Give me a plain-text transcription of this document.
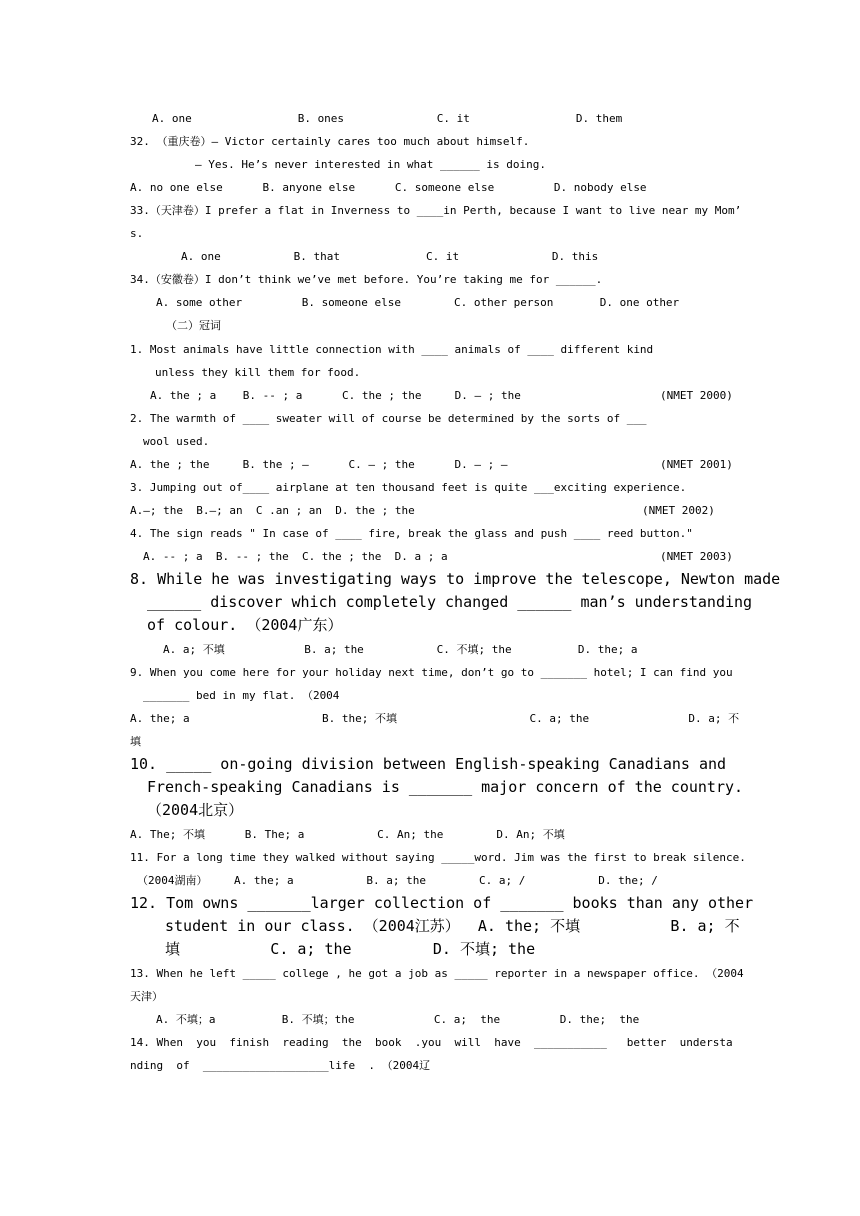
A. one                B. ones              C. it                D. them
32. （重庆卷）— Victor certainly cares too much about himself.
— Yes. He’s never interested in what ______ is doing.
A. no one else      B. anyone else      C. someone else         D. nobody else
33.（天津卷）I prefer a flat in Inverness to ____in Perth, because I want to live near my Mom’
s.
A. one           B. that             C. it              D. this
34.（安徽卷）I don’t think we’ve met before. You’re taking me for ______.
A. some other         B. someone else        C. other person       D. one other
（二）冠词
1. Most animals have little connection with ____ animals of ____ different kind
unless they kill them for food.
A. the ; a    B. -- ; a      C. the ; the     D. — ; the	(NMET 2000)
2. The warmth of ____ sweater will of course be determined by the sorts of ___
wool used.
A. the ; the     B. the ; —      C. — ; the      D. — ; —	(NMET 2001)
3. Jumping out of____ airplane at ten thousand feet is quite ___exciting experience.
A.—; the  B.—; an  C .an ; an  D. the ; the	(NMET 2002)
4. The sign reads " In case of ____ fire, break the glass and push ____ reed button."
A. -- ; a  B. -- ; the  C. the ; the  D. a ; a	(NMET 2003)
8. While he was investigating ways to improve the telescope, Newton made
______ discover which completely changed ______ man’s understanding
of colour. （2004广东）
A. a; 不填            B. a; the           C. 不填; the          D. the; a
9. When you come here for your holiday next time, don’t go to _______ hotel; I can find you
_______ bed in my flat. （2004
A. the; a                    B. the; 不填                    C. a; the               D. a; 不
填
10. _____ on-going division between English-speaking Canadians and
French-speaking Canadians is _______ major concern of the country.
（2004北京）
A. The; 不填      B. The; a           C. An; the        D. An; 不填
11. For a long time they walked without saying _____word. Jim was the first to break silence.
（2004湖南）    A. the; a           B. a; the        C. a; /           D. the; /
12. Tom owns _______larger collection of _______ books than any other
student in our class. （2004江苏）  A. the; 不填          B. a; 不
填          C. a; the         D. 不填; the
13. When he left _____ college , he got a job as _____ reporter in a newspaper office. （2004
天津）
A. 不填；a          B. 不填；the            C. a;  the         D. the;  the
14. When  you  finish  reading  the  book  .you  will  have  ___________   better  understa
nding  of  ___________________life  . （2004辽
